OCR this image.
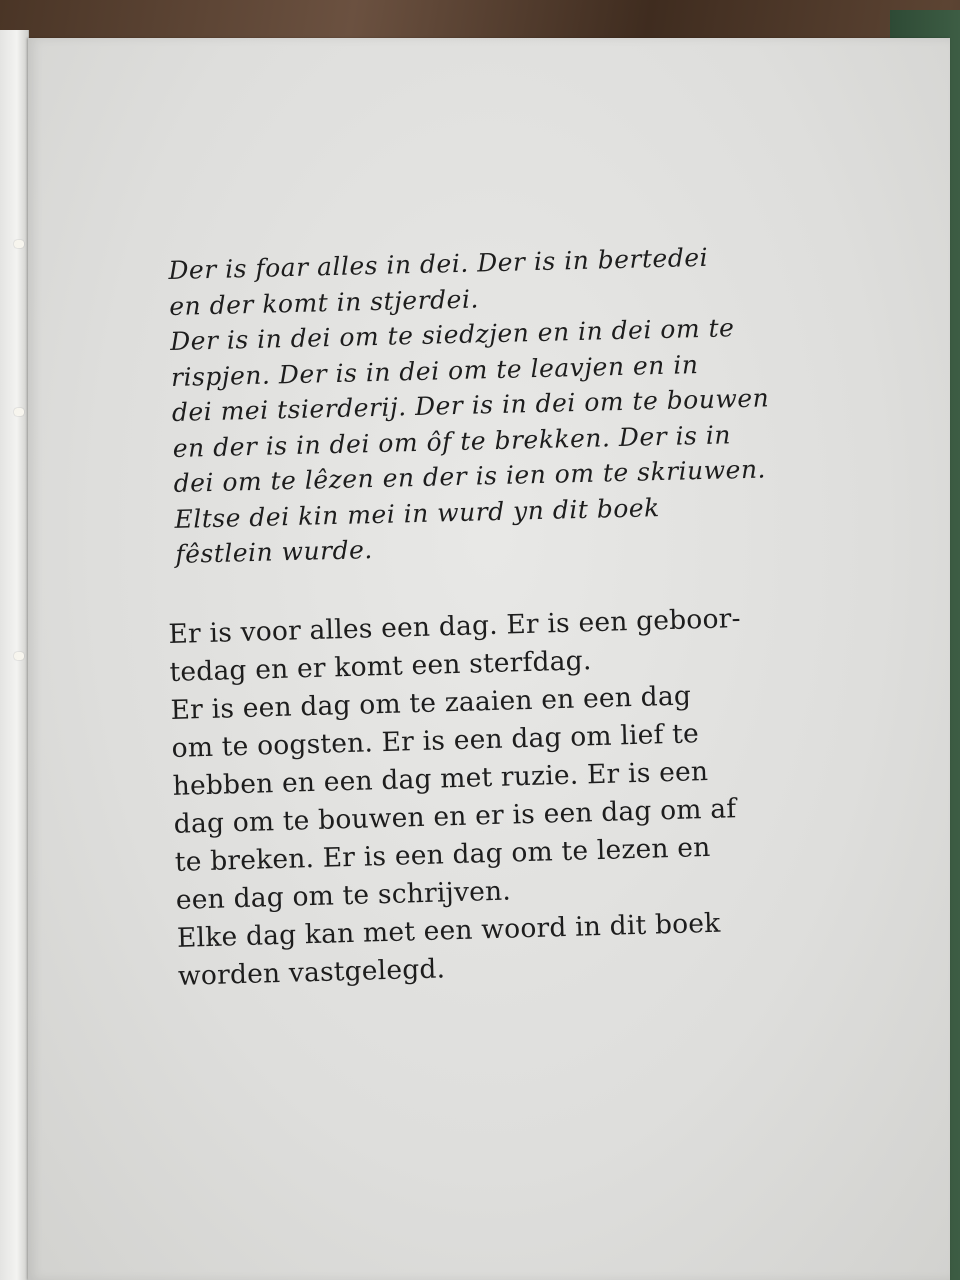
Der is foar alles in dei. Der is in bertedei
en der komt in stjerdei.
Der is in dei om te siedzjen en in dei om te
rispjen. Der is in dei om te leavjen en in
dei mei tsierderij. Der is in dei om te bouwen
en der is in dei om ôf te brekken. Der is in
dei om te lêzen en der is ien om te skriuwen.
Eltse dei kin mei in wurd yn dit boek
fêstlein wurde.
Er is voor alles een dag. Er is een geboor-
tedag en er komt een sterfdag.
Er is een dag om te zaaien en een dag
om te oogsten. Er is een dag om lief te
hebben en een dag met ruzie. Er is een
dag om te bouwen en er is een dag om af
te breken. Er is een dag om te lezen en
een dag om te schrijven.
Elke dag kan met een woord in dit boek
worden vastgelegd.
